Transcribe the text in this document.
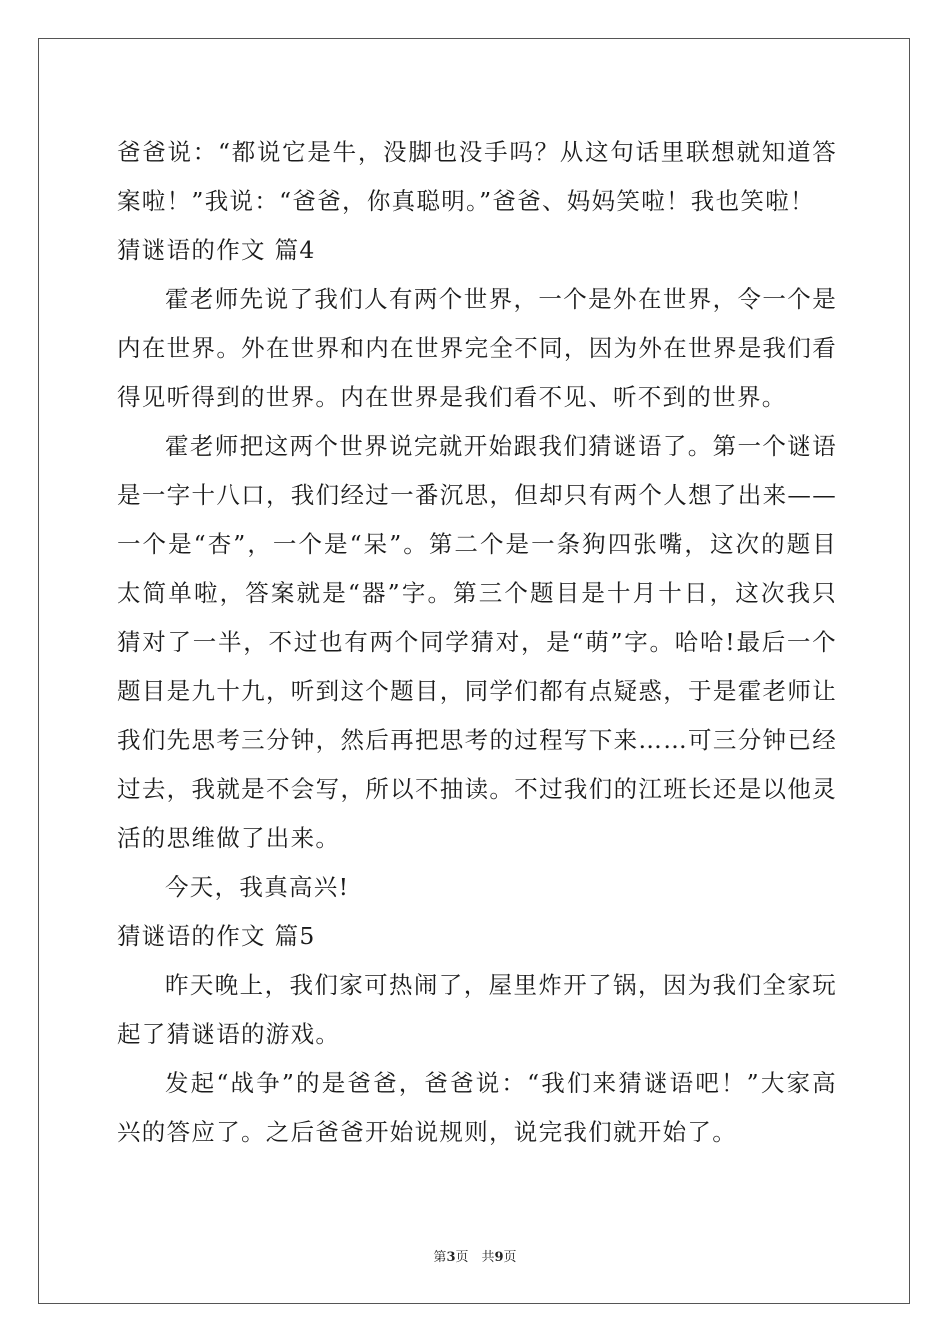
爸爸说：“都说它是牛，没脚也没手吗？从这句话里联想就知道答案啦！”我说：“爸爸，你真聪明。”爸爸、妈妈笑啦！我也笑啦！

猜谜语的作文 篇4

霍老师先说了我们人有两个世界，一个是外在世界，令一个是内在世界。外在世界和内在世界完全不同，因为外在世界是我们看得见听得到的世界。内在世界是我们看不见、听不到的世界。

霍老师把这两个世界说完就开始跟我们猜谜语了。第一个谜语是一字十八口，我们经过一番沉思，但却只有两个人想了出来——一个是“杏”，一个是“呆”。第二个是一条狗四张嘴，这次的题目太简单啦，答案就是“器”字。第三个题目是十月十日，这次我只猜对了一半，不过也有两个同学猜对，是“萌”字。哈哈!最后一个题目是九十九，听到这个题目，同学们都有点疑惑，于是霍老师让我们先思考三分钟，然后再把思考的过程写下来……可三分钟已经过去，我就是不会写，所以不抽读。不过我们的江班长还是以他灵活的思维做了出来。

今天，我真高兴!

猜谜语的作文 篇5

昨天晚上，我们家可热闹了，屋里炸开了锅，因为我们全家玩起了猜谜语的游戏。

发起“战争”的是爸爸，爸爸说：“我们来猜谜语吧！”大家高兴的答应了。之后爸爸开始说规则，说完我们就开始了。

第3页　共9页
